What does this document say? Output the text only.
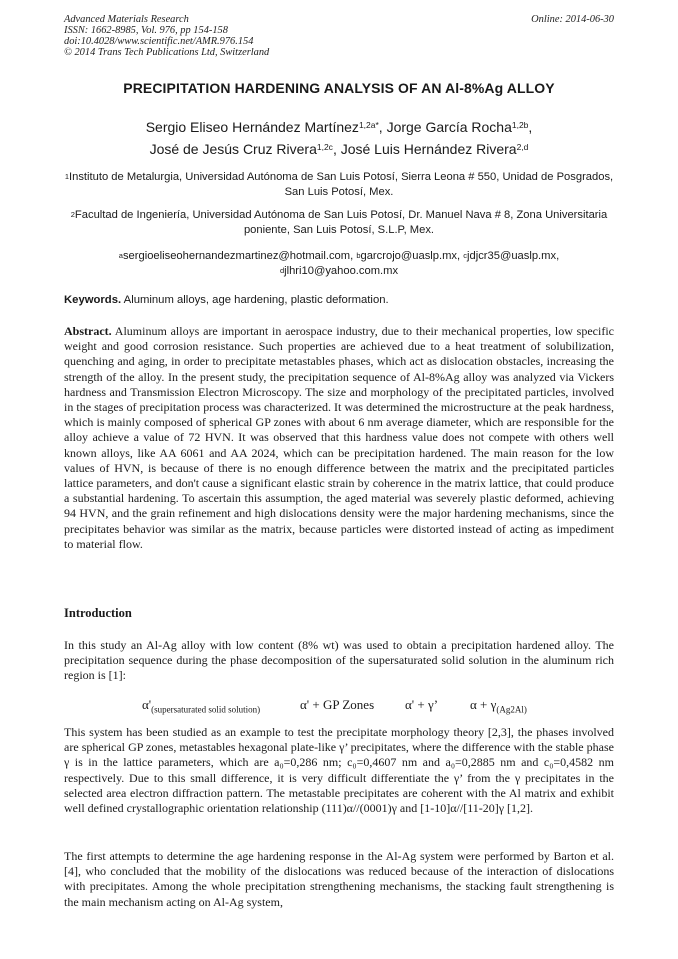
Advanced Materials Research
ISSN: 1662-8985, Vol. 976, pp 154-158
doi:10.4028/www.scientific.net/AMR.976.154
© 2014 Trans Tech Publications Ltd, Switzerland
Online: 2014-06-30
PRECIPITATION HARDENING ANALYSIS OF AN Al-8%Ag ALLOY
Sergio Eliseo Hernández Martínez$^{1,2a*}$, Jorge García Rocha$^{1,2b}$,
José de Jesús Cruz Rivera$^{1,2c}$, José Luis Hernández Rivera$^{2,d}$
$^1$Instituto de Metalurgia, Universidad Autónoma de San Luis Potosí, Sierra Leona # 550, Unidad de Posgrados, San Luis Potosí, Mex.
$^2$Facultad de Ingeniería, Universidad Autónoma de San Luis Potosí, Dr. Manuel Nava # 8, Zona Universitaria poniente, San Luis Potosí, S.L.P, Mex.
$^a$sergioeliseohernandezmartinez@hotmail.com, $^b$garcrojo@uaslp.mx, $^c$jdjcr35@uaslp.mx,
$^d$jlhri10@yahoo.com.mx
Keywords. Aluminum alloys, age hardening, plastic deformation.
Abstract. Aluminum alloys are important in aerospace industry, due to their mechanical properties, low specific weight and good corrosion resistance. Such properties are achieved due to a heat treatment of solubilization, quenching and aging, in order to precipitate metastables phases, which act as dislocation obstacles, increasing the strength of the alloy. In the present study, the precipitation sequence of Al-8%Ag alloy was analyzed via Vickers hardness and Transmission Electron Microscopy. The size and morphology of the precipitated particles, involved in the stages of precipitation process was characterized. It was determined the microstructure at the peak hardness, which is mainly composed of spherical GP zones with about 6 nm average diameter, which are responsible for the alloy achieve a value of 72 HVN. It was observed that this hardness value does not compete with others well known alloys, like AA 6061 and AA 2024, which can be precipitation hardened. The main reason for the low values of HVN, is because of there is no enough difference between the matrix and the precipitated particles lattice parameters, and don't cause a significant elastic strain by coherence in the matrix lattice, that could produce a substantial hardening. To ascertain this assumption, the aged material was severely plastic deformed, achieving 94 HVN, and the grain refinement and high dislocations density were the major hardening mechanisms, since the precipitates behavior was similar as the matrix, because particles were distorted instead of acting as impediment to material flow.
Introduction
In this study an Al-Ag alloy with low content (8% wt) was used to obtain a precipitation hardened alloy. The precipitation sequence during the phase decomposition of the supersaturated solid solution in the aluminum rich region is [1]:
$\alpha'_{(supersaturated solid solution)}$	α' + GP Zones α' + γ’ $\alpha + \gamma_{(Ag2Al)}$
This system has been studied as an example to test the precipitate morphology theory [2,3], the phases involved are spherical GP zones, metastables hexagonal plate-like γ’ precipitates, where the difference with the stable phase γ is in the lattice parameters, which are a₀=0,286 nm; c₀=0,4607 nm and a₀=0,2885 nm and c₀=0,4582 nm respectively. Due to this small difference, it is very difficult differentiate the γ’ from the γ precipitates in the selected area electron diffraction pattern. The metastable precipitates are coherent with the Al matrix and exhibit well defined crystallographic orientation relationship (111)α//(0001)γ and [1-10]α//[11-20]γ [1,2].
The first attempts to determine the age hardening response in the Al-Ag system were performed by Barton et al. [4], who concluded that the mobility of the dislocations was reduced because of the interaction of dislocations with precipitates. Among the whole precipitation strengthening mechanisms, the stacking fault strengthening is the main mechanism acting on Al-Ag system,
